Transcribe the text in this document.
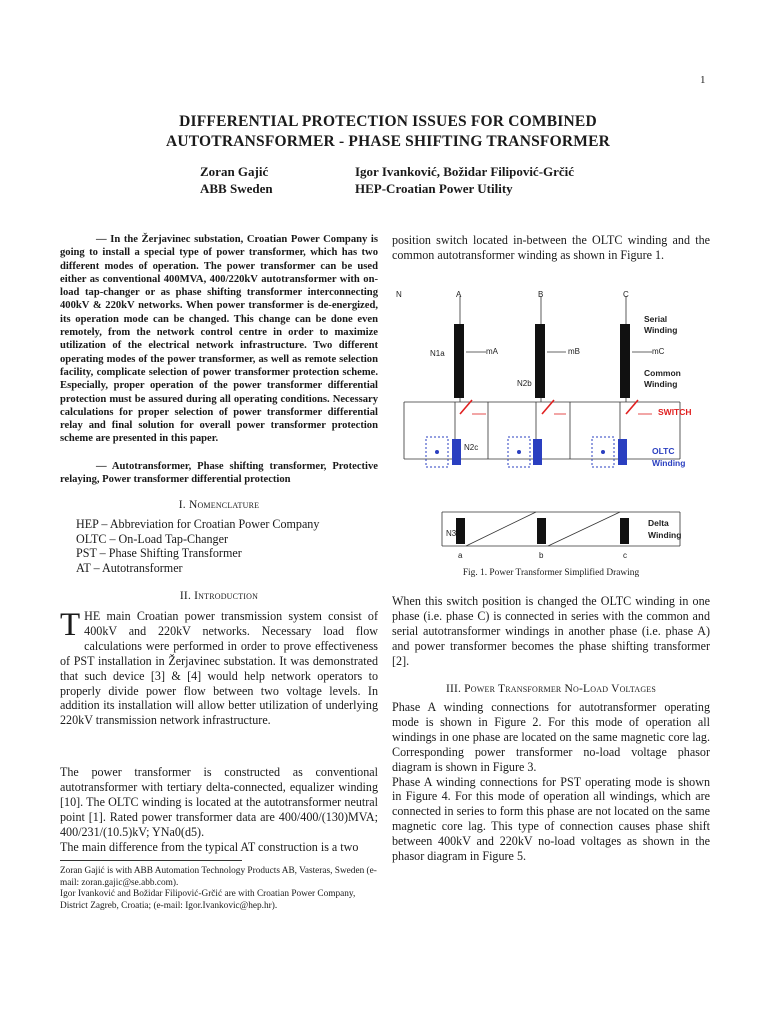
1
DIFFERENTIAL PROTECTION ISSUES FOR COMBINED
AUTOTRANSFORMER - PHASE SHIFTING TRANSFORMER
Zoran Gajić
ABB Sweden
Igor Ivanković, Božidar Filipović-Grčić
HEP-Croatian Power Utility

— In the Žerjavinec substation, Croatian Power Company is going to install a special type of power transformer, which has two different modes of operation. The power transformer can be used either as conventional 400MVA, 400/220kV autotransformer with on-load tap-changer or as phase shifting transformer interconnecting 400kV & 220kV networks. When power transformer is de-energized, its operation mode can be changed. This change can be done even remotely, from the network control centre in order to maximize utilization of the electrical network infrastructure. Two different operating modes of the power transformer, as well as remote selection facility, complicate selection of power transformer protection scheme. Especially, proper operation of the power transformer differential protection must be assured during all operating conditions. Necessary calculations for proper selection of power transformer differential relay and final solution for overall power transformer protection scheme are presented in this paper.

— Autotransformer, Phase shifting transformer, Protective relaying, Power transformer differential protection

I. Nomenclature
HEP – Abbreviation for Croatian Power Company
OLTC – On-Load Tap-Changer
PST – Phase Shifting Transformer
AT – Autotransformer
II. Introduction

THE main Croatian power transmission system consist of 400kV and 220kV networks. Necessary load flow calculations were performed in order to prove effectiveness of PST installation in Žerjavinec substation. It was demonstrated that such device [3] & [4] would help network operators to properly divide power flow between two voltage levels. In addition its installation will allow better utilization of underlying 220kV transmission network infrastructure.

The power transformer is constructed as conventional autotransformer with tertiary delta-connected, equalizer winding [10]. The OLTC winding is located at the autotransformer neutral point [1]. Rated power transformer data are 400/400/(130)MVA; 400/231/(10.5)kV; YNa0(d5).

The main difference from the typical AT construction is a two

Zoran Gajić is with ABB Automation Technology Products AB, Vasteras, Sweden (e-mail: zoran.gajic@se.abb.com).
Igor Ivanković and Božidar Filipović-Grčić are with Croatian Power Company, District Zagreb, Croatia; (e-mail: Igor.Ivankovic@hep.hr).

position switch located in-between the OLTC winding and the common autotransformer winding as shown in Figure 1.

N	A	B	C
N1a
N2b
mA	mB	mC
N2c
N3
a	b	c
Serial
Winding
Common
Winding
SWITCH
OLTC
Winding
Delta
Winding
Fig. 1. Power Transformer Simplified Drawing

When this switch position is changed the OLTC winding in one phase (i.e. phase C) is connected in series with the common and serial autotransformer windings in another phase (i.e. phase A) and power transformer becomes the phase shifting transformer [2].

III. Power Transformer No-Load Voltages

Phase A winding connections for autotransformer operating mode is shown in Figure 2. For this mode of operation all windings in one phase are located on the same magnetic core lag. Corresponding power transformer no-load voltage phasor diagram is shown in Figure 3.

Phase A winding connections for PST operating mode is shown in Figure 4. For this mode of operation all windings, which are connected in series to form this phase are not located on the same magnetic core lag. This type of connection causes phase shift between 400kV and 220kV no-load voltages as shown in the phasor diagram in Figure 5.
